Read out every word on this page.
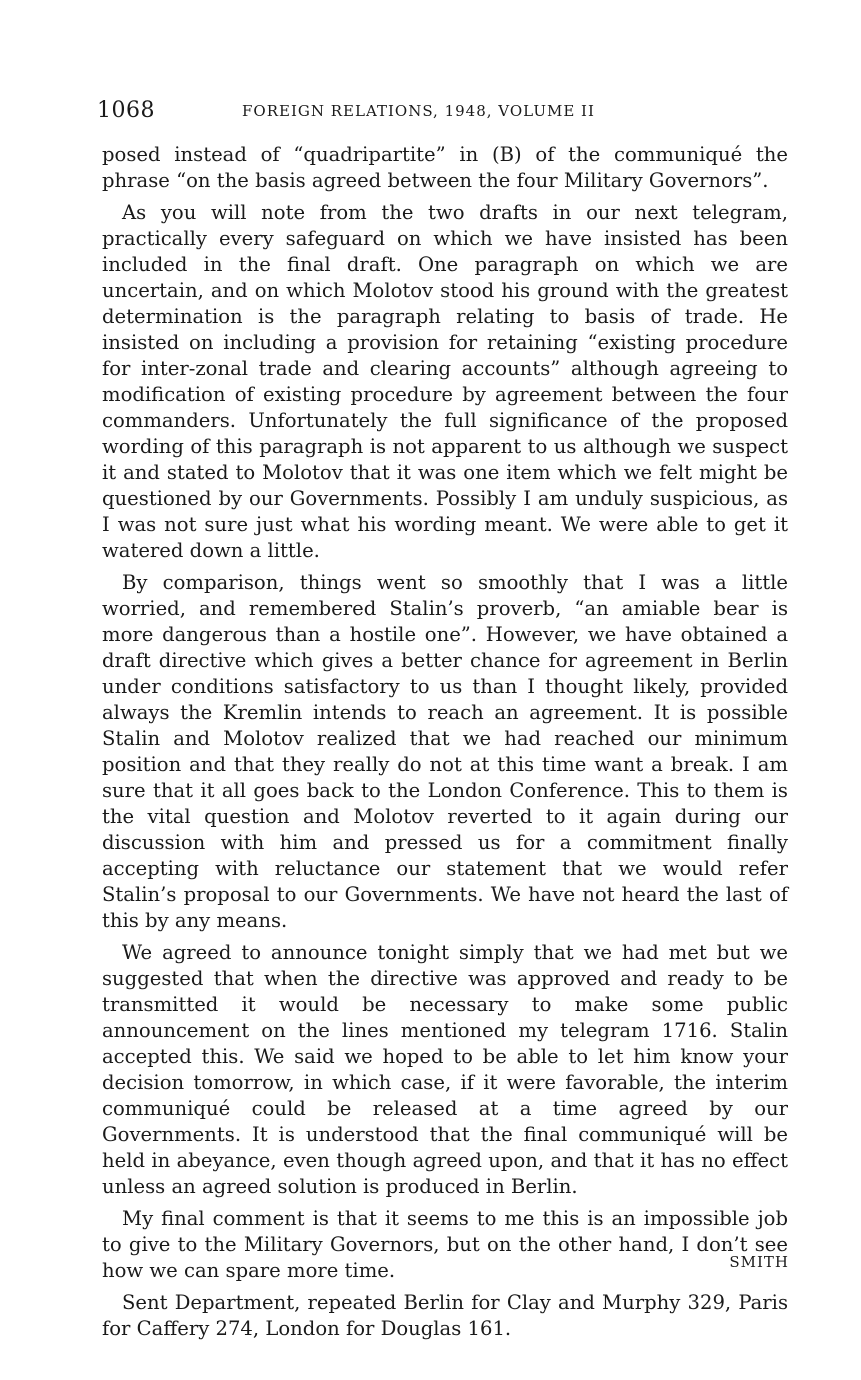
1068	FOREIGN RELATIONS, 1948, VOLUME II

posed instead of “quadripartite” in (B) of the communiqué the phrase “on the basis agreed between the four Military Governors”.

As you will note from the two drafts in our next telegram, practically every safeguard on which we have insisted has been included in the final draft. One paragraph on which we are uncertain, and on which Molotov stood his ground with the greatest determination is the paragraph relating to basis of trade. He insisted on including a provision for retaining “existing procedure for inter-zonal trade and clearing accounts” although agreeing to modification of existing procedure by agreement between the four commanders. Unfortunately the full significance of the proposed wording of this paragraph is not apparent to us although we suspect it and stated to Molotov that it was one item which we felt might be questioned by our Governments. Possibly I am unduly suspicious, as I was not sure just what his wording meant. We were able to get it watered down a little.

By comparison, things went so smoothly that I was a little worried, and remembered Stalin’s proverb, “an amiable bear is more dangerous than a hostile one”. However, we have obtained a draft directive which gives a better chance for agreement in Berlin under conditions satisfactory to us than I thought likely, provided always the Kremlin intends to reach an agreement. It is possible Stalin and Molotov realized that we had reached our minimum position and that they really do not at this time want a break. I am sure that it all goes back to the London Conference. This to them is the vital question and Molotov reverted to it again during our discussion with him and pressed us for a commitment finally accepting with reluctance our statement that we would refer Stalin’s proposal to our Governments. We have not heard the last of this by any means.

We agreed to announce tonight simply that we had met but we suggested that when the directive was approved and ready to be transmitted it would be necessary to make some public announcement on the lines mentioned my telegram 1716. Stalin accepted this. We said we hoped to be able to let him know your decision tomorrow, in which case, if it were favorable, the interim communiqué could be released at a time agreed by our Governments. It is understood that the final communiqué will be held in abeyance, even though agreed upon, and that it has no effect unless an agreed solution is produced in Berlin.

My final comment is that it seems to me this is an impossible job to give to the Military Governors, but on the other hand, I don’t see how we can spare more time.

Sent Department, repeated Berlin for Clay and Murphy 329, Paris for Caffery 274, London for Douglas 161.

SMITH
